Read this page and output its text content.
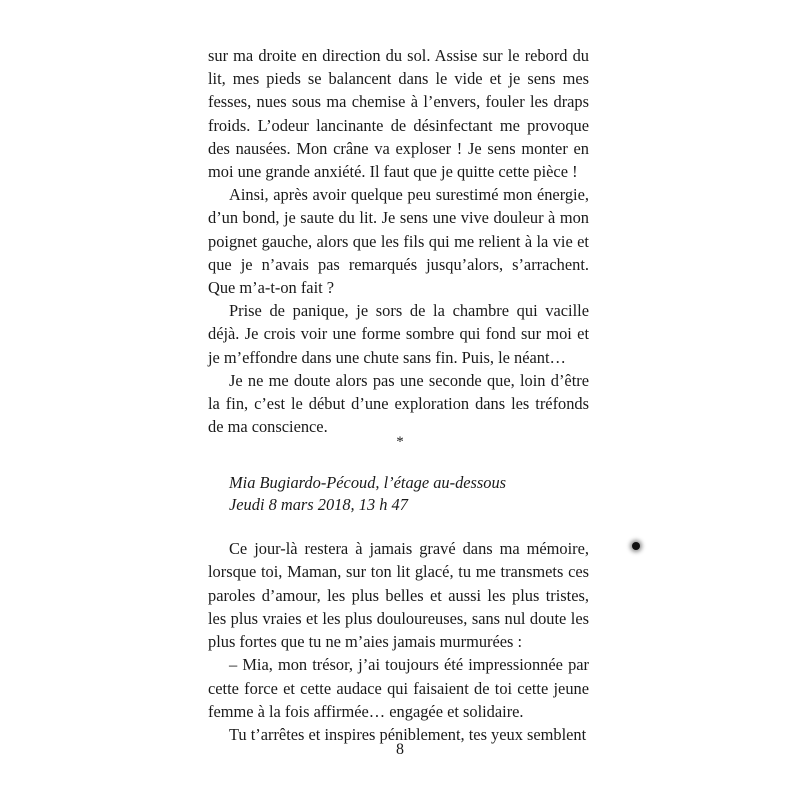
sur ma droite en direction du sol. Assise sur le rebord du lit, mes pieds se balancent dans le vide et je sens mes fesses, nues sous ma chemise à l’envers, fouler les draps froids. L’odeur lancinante de désinfectant me provoque des nausées. Mon crâne va exploser ! Je sens monter en moi une grande anxiété. Il faut que je quitte cette pièce !

Ainsi, après avoir quelque peu surestimé mon énergie, d’un bond, je saute du lit. Je sens une vive douleur à mon poignet gauche, alors que les fils qui me relient à la vie et que je n’avais pas remarqués jusqu’alors, s’arrachent. Que m’a-t-on fait ?

Prise de panique, je sors de la chambre qui vacille déjà. Je crois voir une forme sombre qui fond sur moi et je m’effondre dans une chute sans fin. Puis, le néant…

Je ne me doute alors pas une seconde que, loin d’être la fin, c’est le début d’une exploration dans les tréfonds de ma conscience.

*
Mia Bugiardo-Pécoud, l’étage au-dessous
Jeudi 8 mars 2018, 13 h 47

Ce jour-là restera à jamais gravé dans ma mémoire, lorsque toi, Maman, sur ton lit glacé, tu me transmets ces paroles d’amour, les plus belles et aussi les plus tristes, les plus vraies et les plus douloureuses, sans nul doute les plus fortes que tu ne m’aies jamais murmurées :

– Mia, mon trésor, j’ai toujours été impressionnée par cette force et cette audace qui faisaient de toi cette jeune femme à la fois affirmée… engagée et solidaire.

Tu t’arrêtes et inspires péniblement, tes yeux semblent

8
